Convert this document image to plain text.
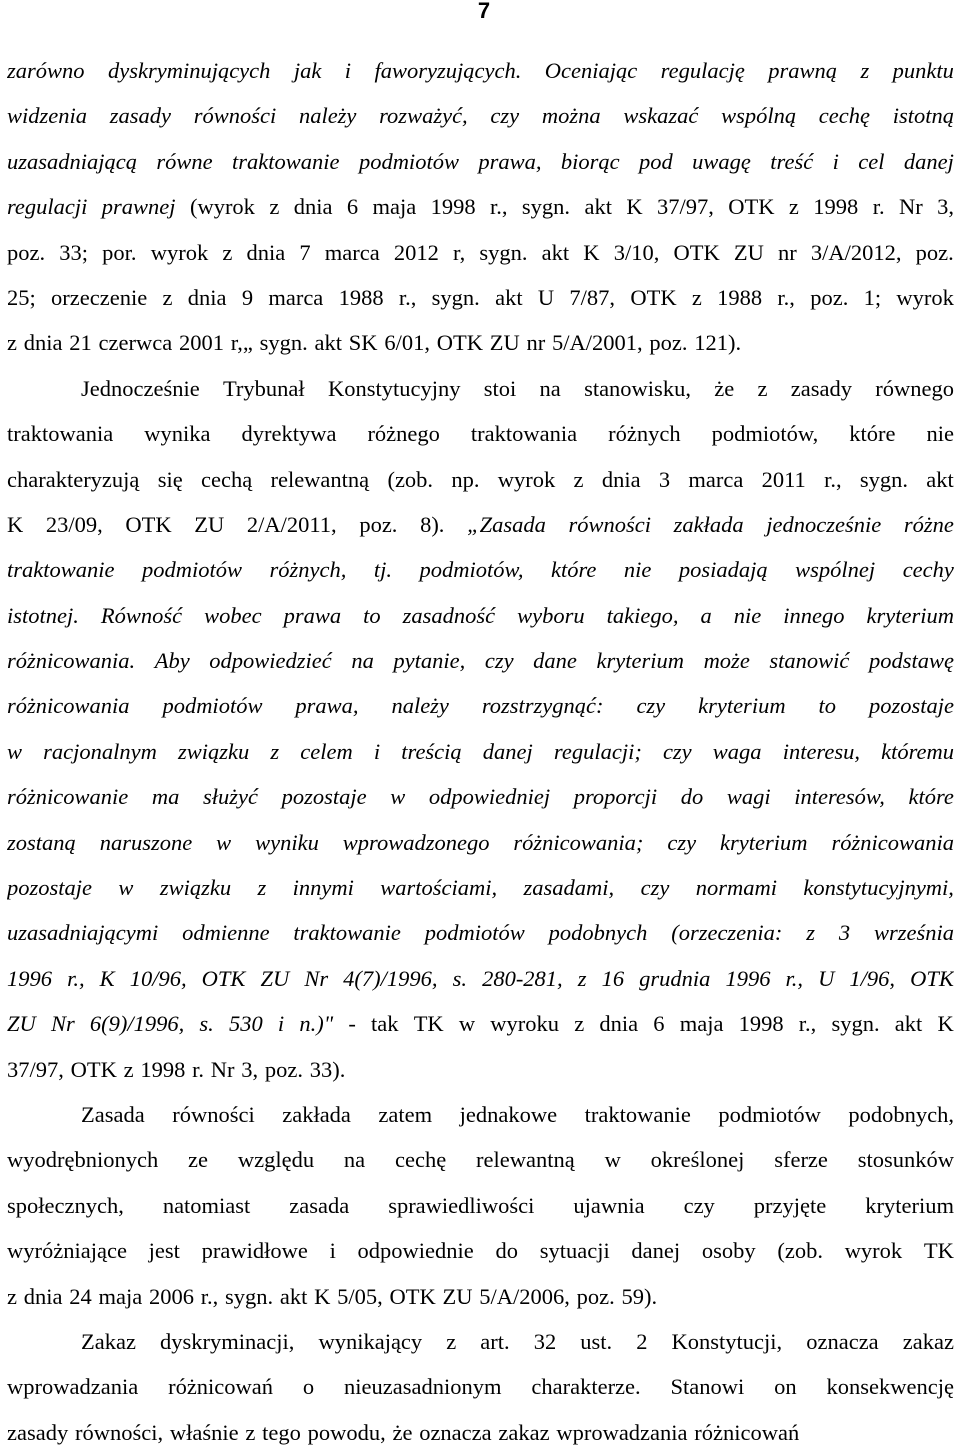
7
zarówno dyskryminujących jak i faworyzujących. Oceniając regulację prawną z punktu
widzenia zasady równości należy rozważyć, czy można wskazać wspólną cechę istotną
uzasadniającą równe traktowanie podmiotów prawa, biorąc pod uwagę treść i cel danej
regulacji prawnej (wyrok z dnia 6 maja 1998 r., sygn. akt K 37/97, OTK z 1998 r. Nr 3,
poz. 33; por. wyrok z dnia 7 marca 2012 r, sygn. akt K 3/10, OTK ZU nr 3/A/2012, poz.
25; orzeczenie z dnia 9 marca 1988 r., sygn. akt U 7/87, OTK z 1988 r., poz. 1; wyrok
z dnia 21 czerwca 2001 r,„ sygn. akt SK 6/01, OTK ZU nr 5/A/2001, poz. 121).
Jednocześnie Trybunał Konstytucyjny stoi na stanowisku, że z zasady równego
traktowania wynika dyrektywa różnego traktowania różnych podmiotów, które nie
charakteryzują się cechą relewantną (zob. np. wyrok z dnia 3 marca 2011 r., sygn. akt
K 23/09, OTK ZU 2/A/2011, poz. 8). „Zasada równości zakłada jednocześnie różne
traktowanie podmiotów różnych, tj. podmiotów, które nie posiadają wspólnej cechy
istotnej. Równość wobec prawa to zasadność wyboru takiego, a nie innego kryterium
różnicowania. Aby odpowiedzieć na pytanie, czy dane kryterium może stanowić podstawę
różnicowania podmiotów prawa, należy rozstrzygnąć: czy kryterium to pozostaje
w racjonalnym związku z celem i treścią danej regulacji; czy waga interesu, któremu
różnicowanie ma służyć pozostaje w odpowiedniej proporcji do wagi interesów, które
zostaną naruszone w wyniku wprowadzonego różnicowania; czy kryterium różnicowania
pozostaje w związku z innymi wartościami, zasadami, czy normami konstytucyjnymi,
uzasadniającymi odmienne traktowanie podmiotów podobnych (orzeczenia: z 3 września
1996 r., K 10/96, OTK ZU Nr 4(7)/1996, s. 280-281, z 16 grudnia 1996 r., U 1/96, OTK
ZU Nr 6(9)/1996, s. 530 i n.)" - tak TK w wyroku z dnia 6 maja 1998 r., sygn. akt K
37/97, OTK z 1998 r. Nr 3, poz. 33).
Zasada równości zakłada zatem jednakowe traktowanie podmiotów podobnych,
wyodrębnionych ze względu na cechę relewantną w określonej sferze stosunków
społecznych, natomiast zasada sprawiedliwości ujawnia czy przyjęte kryterium
wyróżniające jest prawidłowe i odpowiednie do sytuacji danej osoby (zob. wyrok TK
z dnia 24 maja 2006 r., sygn. akt K 5/05, OTK ZU 5/A/2006, poz. 59).
Zakaz dyskryminacji, wynikający z art. 32 ust. 2 Konstytucji, oznacza zakaz
wprowadzania różnicowań o nieuzasadnionym charakterze. Stanowi on konsekwencję
zasady równości, właśnie z tego powodu, że oznacza zakaz wprowadzania różnicowań
